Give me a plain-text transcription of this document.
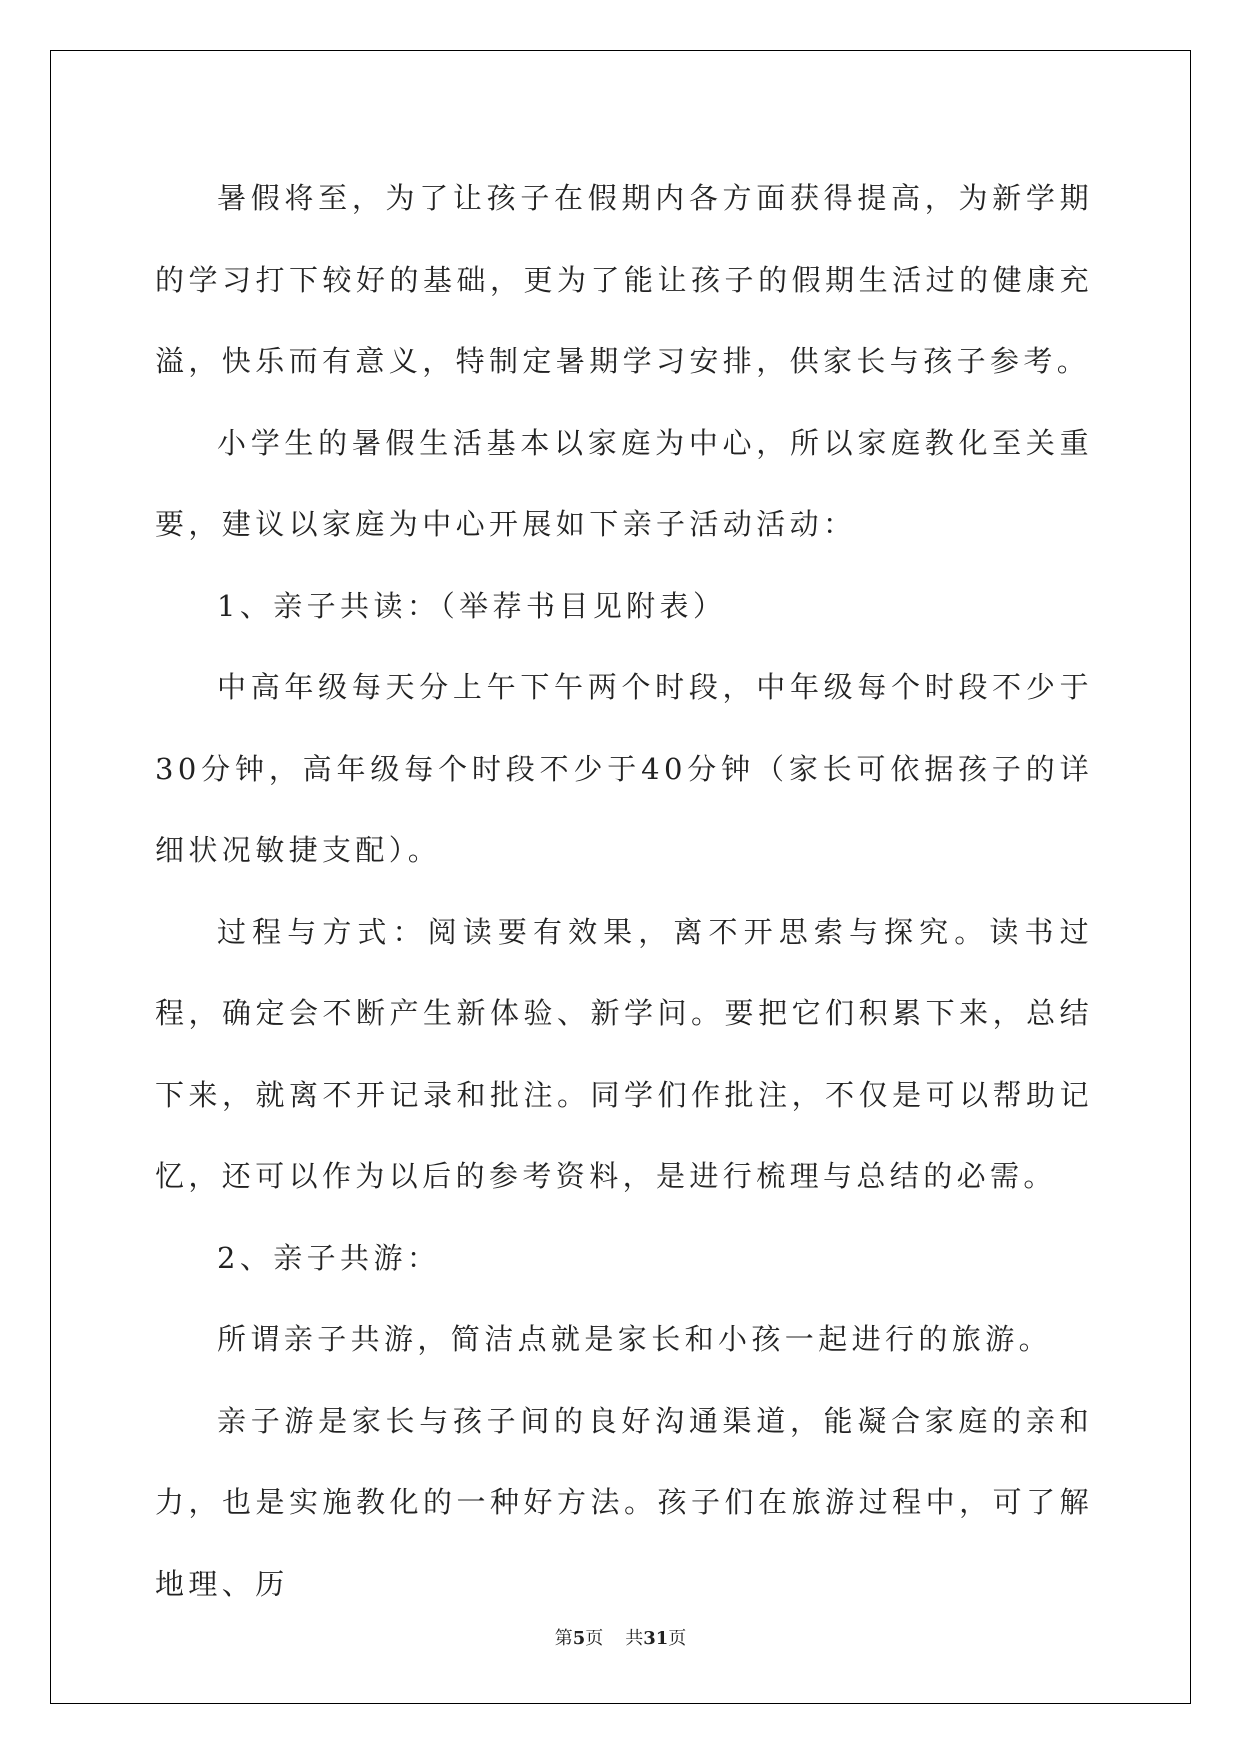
暑假将至，为了让孩子在假期内各方面获得提高，为新学期的学习打下较好的基础，更为了能让孩子的假期生活过的健康充溢，快乐而有意义，特制定暑期学习安排，供家长与孩子参考。

小学生的暑假生活基本以家庭为中心，所以家庭教化至关重要，建议以家庭为中心开展如下亲子活动活动：

1、亲子共读：（举荐书目见附表）

中高年级每天分上午下午两个时段，中年级每个时段不少于30分钟，高年级每个时段不少于40分钟（家长可依据孩子的详细状况敏捷支配）。

过程与方式：阅读要有效果，离不开思索与探究。读书过程，确定会不断产生新体验、新学问。要把它们积累下来，总结下来，就离不开记录和批注。同学们作批注，不仅是可以帮助记忆，还可以作为以后的参考资料，是进行梳理与总结的必需。

2、亲子共游：

所谓亲子共游，简洁点就是家长和小孩一起进行的旅游。

亲子游是家长与孩子间的良好沟通渠道，能凝合家庭的亲和力，也是实施教化的一种好方法。孩子们在旅游过程中，可了解地理、历

第5页 共31页
